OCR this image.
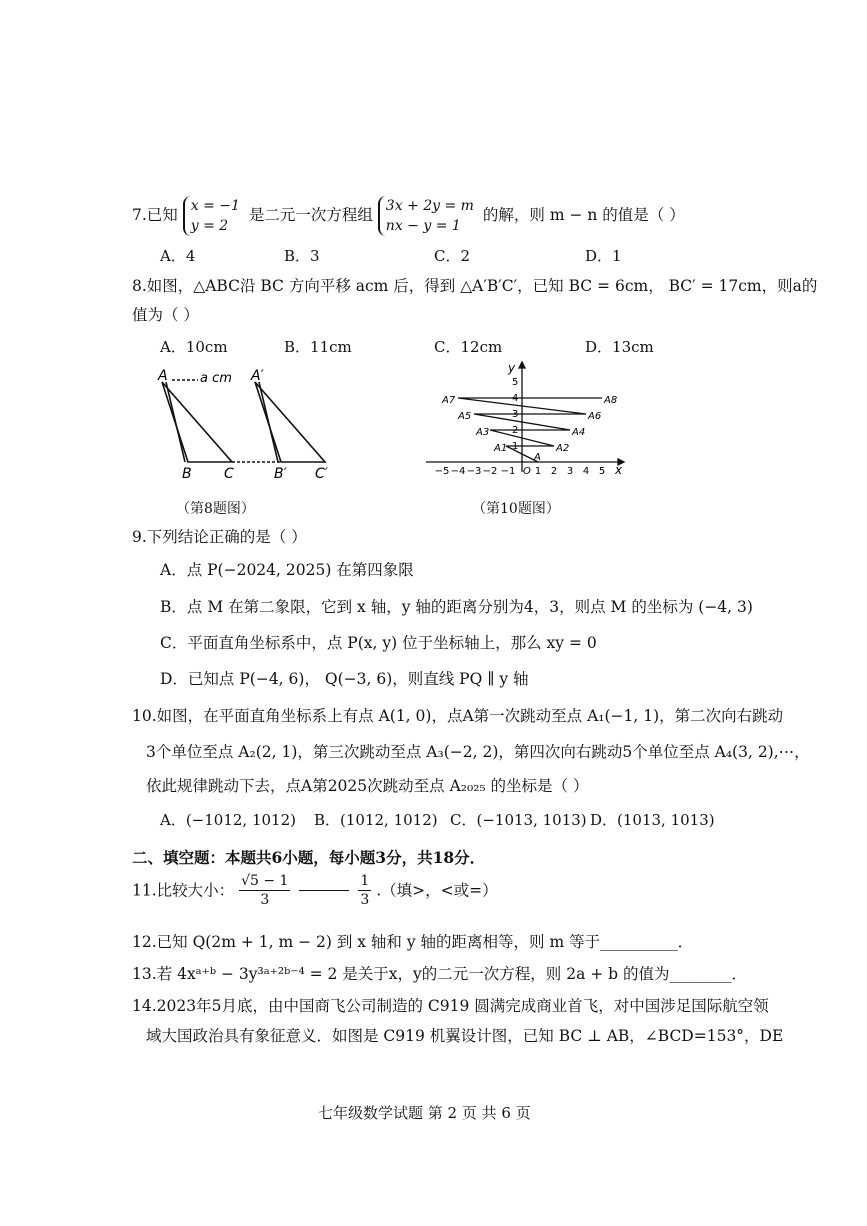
7.已知 x = −1
y = 2 是二元一次方程组 3x + 2y = m
nx − y = 1 的解，则 m − n 的值是（ ）
A．4	B．3	C．2	D．1
8.如图，△ABC沿 BC 方向平移 acm 后，得到 △A′B′C′，已知 BC = 6cm， BC′ = 17cm，则a的
值为（ ）
A．10cm	B．11cm	C．12cm	D．13cm
A a cm A′
B C	B′ C′
（第8题图）
y
x
O
−5 −4 −3 −2 −1 1 2 3 4 5
1
2
3
4
5
A
A1	A2
A3	A4
A5	A6
A7	A8
（第10题图）
9.下列结论正确的是（ ）
A．点 P(−2024, 2025) 在第四象限
B．点 M 在第二象限，它到 x 轴，y 轴的距离分别为4，3，则点 M 的坐标为 (−4, 3)
C．平面直角坐标系中，点 P(x, y) 位于坐标轴上，那么 xy = 0
D．已知点 P(−4, 6)， Q(−3, 6)，则直线 PQ ∥ y 轴
10.如图，在平面直角坐标系上有点 A(1, 0)，点A第一次跳动至点 A₁(−1, 1)，第二次向右跳动
3个单位至点 A₂(2, 1)，第三次跳动至点 A₃(−2, 2)，第四次向右跳动5个单位至点 A₄(3, 2),⋯，
依此规律跳动下去，点A第2025次跳动至点 A₂₀₂₅ 的坐标是（ ）
A．(−1012, 1012) B．(1012, 1012) C．(−1013, 1013) D．(1013, 1013)
二、填空题：本题共6小题，每小题3分，共18分．
11.比较大小： $\frac{√5 - 1}{3}$
	$\frac{1}{3}$ .（填>，<或=）
12.已知 Q(2m + 1, m − 2) 到 x 轴和 y 轴的距离相等，则 m 等于__________．
13.若 4xᵃ⁺ᵇ − 3y³ᵃ⁺²ᵇ⁻⁴ = 2 是关于x，y的二元一次方程，则 2a + b 的值为________．
14.2023年5月底，由中国商飞公司制造的 C919 圆满完成商业首飞，对中国涉足国际航空领
域大国政治具有象征意义．如图是 C919 机翼设计图，已知 BC ⊥ AB，∠BCD=153°，DE
七年级数学试题 第 2 页 共 6 页
